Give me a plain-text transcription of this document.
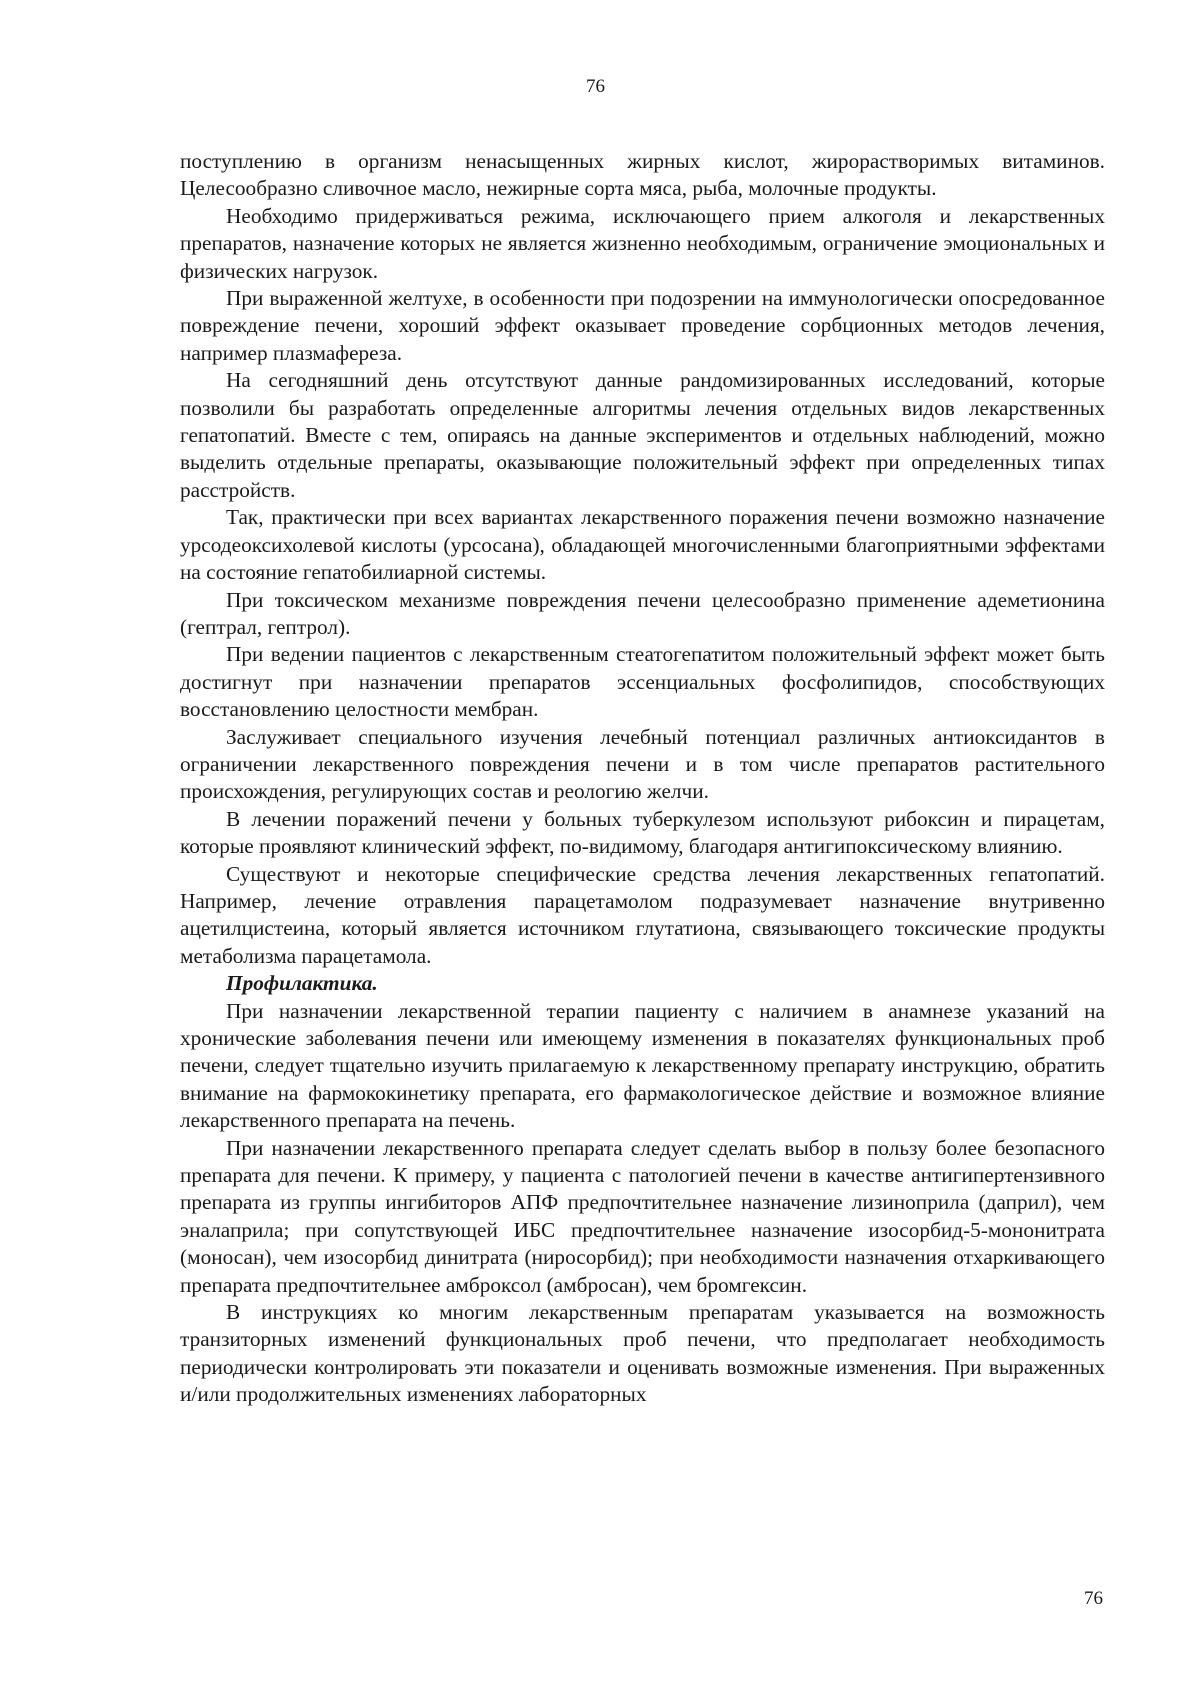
76

поступлению в организм ненасыщенных жирных кислот, жирорастворимых витаминов. Целесообразно сливочное масло, нежирные сорта мяса, рыба, молочные продукты.

Необходимо придерживаться режима, исключающего прием алкоголя и лекарственных препаратов, назначение которых не является жизненно необходимым, ограничение эмоциональных и физических нагрузок.

При выраженной желтухе, в особенности при подозрении на иммунологически опосредованное повреждение печени, хороший эффект оказывает проведение сорбционных методов лечения, например плазмафереза.

На сегодняшний день отсутствуют данные рандомизированных исследований, которые позволили бы разработать определенные алгоритмы лечения отдельных видов лекарственных гепатопатий. Вместе с тем, опираясь на данные экспериментов и отдельных наблюдений, можно выделить отдельные препараты, оказывающие положительный эффект при определенных типах расстройств.

Так, практически при всех вариантах лекарственного поражения печени возможно назначение урсодеоксихолевой кислоты (урсосана), обладающей многочисленными благоприятными эффектами на состояние гепатобилиарной системы.

При токсическом механизме повреждения печени целесообразно применение адеметионина (гептрал, гептрол).

При ведении пациентов с лекарственным стеатогепатитом положительный эффект может быть достигнут при назначении препаратов эссенциальных фосфолипидов, способствующих восстановлению целостности мембран.

Заслуживает специального изучения лечебный потенциал различных антиоксидантов в ограничении лекарственного повреждения печени и в том числе препаратов растительного происхождения, регулирующих состав и реологию желчи.

В лечении поражений печени у больных туберкулезом используют рибоксин и пирацетам, которые проявляют клинический эффект, по-видимому, благодаря антигипоксическому влиянию.

Существуют и некоторые специфические средства лечения лекарственных гепатопатий. Например, лечение отравления парацетамолом подразумевает назначение внутривенно ацетилцистеина, который является источником глутатиона, связывающего токсические продукты метаболизма парацетамола.

Профилактика.

При назначении лекарственной терапии пациенту с наличием в анамнезе указаний на хронические заболевания печени или имеющему изменения в показателях функциональных проб печени, следует тщательно изучить прилагаемую к лекарственному препарату инструкцию, обратить внимание на фармококинетику препарата, его фармакологическое действие и возможное влияние лекарственного препарата на печень.

При назначении лекарственного препарата следует сделать выбор в пользу более безопасного препарата для печени. К примеру, у пациента с патологией печени в качестве антигипертензивного препарата из группы ингибиторов АПФ предпочтительнее назначение лизиноприла (даприл), чем эналаприла; при сопутствующей ИБС предпочтительнее назначение изосорбид-5-мононитрата (моносан), чем изосорбид динитрата (ниросорбид); при необходимости назначения отхаркивающего препарата предпочтительнее амброксол (амбросан), чем бромгексин.

В инструкциях ко многим лекарственным препаратам указывается на возможность транзиторных изменений функциональных проб печени, что предполагает необходимость периодически контролировать эти показатели и оценивать возможные изменения. При выраженных и/или продолжительных изменениях лабораторных

76
